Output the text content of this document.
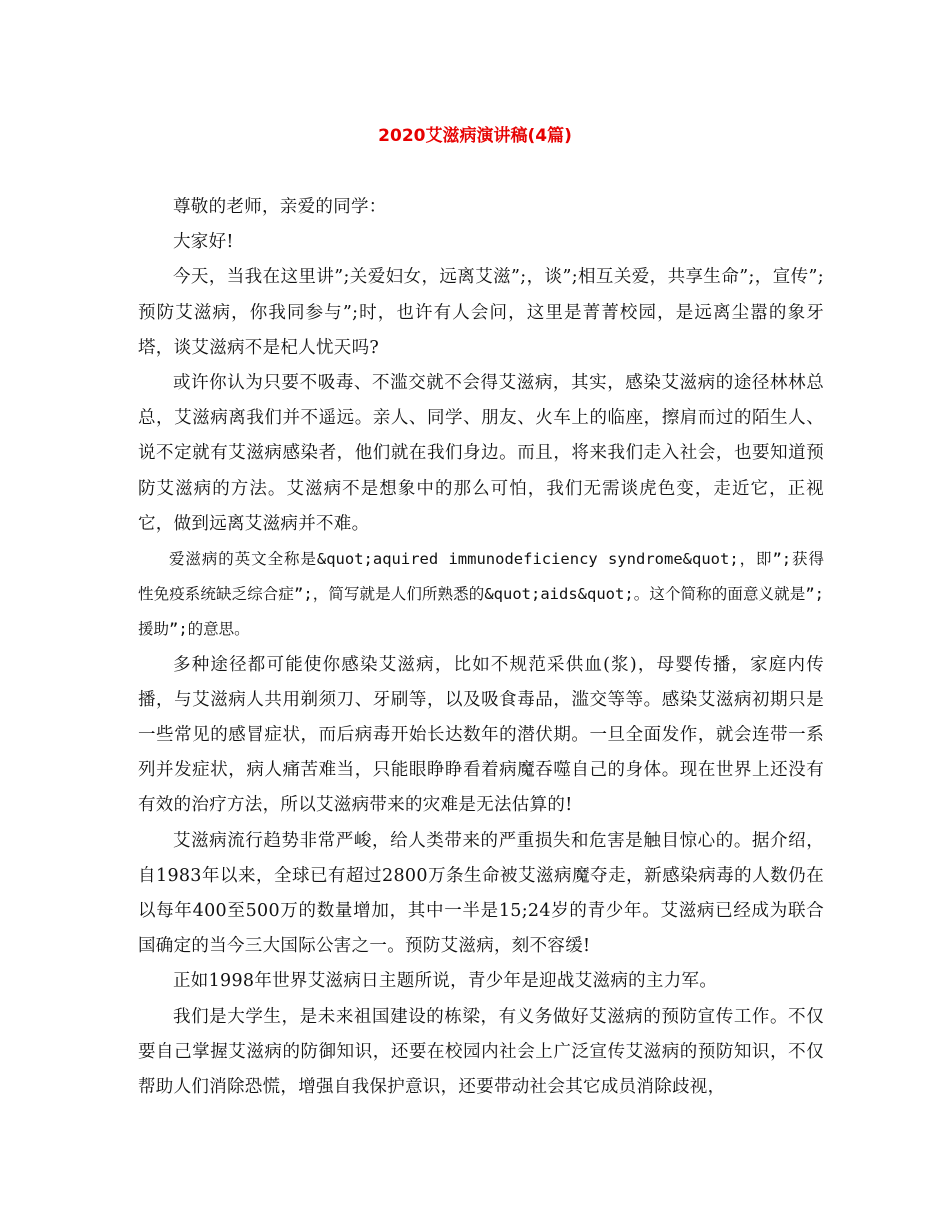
2020艾滋病演讲稿(4篇)

尊敬的老师，亲爱的同学：

大家好!

今天，当我在这里讲”;关爱妇女，远离艾滋”;，谈”;相互关爱，共享生命”;，宣传”;预防艾滋病，你我同参与”;时，也许有人会问，这里是菁菁校园，是远离尘嚣的象牙塔，谈艾滋病不是杞人忧天吗?

或许你认为只要不吸毒、不滥交就不会得艾滋病，其实，感染艾滋病的途径林林总总，艾滋病离我们并不遥远。亲人、同学、朋友、火车上的临座，擦肩而过的陌生人、说不定就有艾滋病感染者，他们就在我们身边。而且，将来我们走入社会，也要知道预防艾滋病的方法。艾滋病不是想象中的那么可怕，我们无需谈虎色变，走近它，正视它，做到远离艾滋病并不难。

爱滋病的英文全称是&quot;aquired immunodeficiency syndrome&quot;，即”;获得性免疫系统缺乏综合症”;，简写就是人们所熟悉的&quot;aids&quot;。这个简称的面意义就是”;援助”;的意思。

多种途径都可能使你感染艾滋病，比如不规范采供血(浆)，母婴传播，家庭内传播，与艾滋病人共用剃须刀、牙刷等，以及吸食毒品，滥交等等。感染艾滋病初期只是一些常见的感冒症状，而后病毒开始长达数年的潜伏期。一旦全面发作，就会连带一系列并发症状，病人痛苦难当，只能眼睁睁看着病魔吞噬自己的身体。现在世界上还没有有效的治疗方法，所以艾滋病带来的灾难是无法估算的!

艾滋病流行趋势非常严峻，给人类带来的严重损失和危害是触目惊心的。据介绍，自1983年以来，全球已有超过2800万条生命被艾滋病魔夺走，新感染病毒的人数仍在以每年400至500万的数量增加，其中一半是15;24岁的青少年。艾滋病已经成为联合国确定的当今三大国际公害之一。预防艾滋病，刻不容缓!

正如1998年世界艾滋病日主题所说，青少年是迎战艾滋病的主力军。

我们是大学生，是未来祖国建设的栋梁，有义务做好艾滋病的预防宣传工作。不仅要自己掌握艾滋病的防御知识，还要在校园内社会上广泛宣传艾滋病的预防知识，不仅帮助人们消除恐慌，增强自我保护意识，还要带动社会其它成员消除歧视，
